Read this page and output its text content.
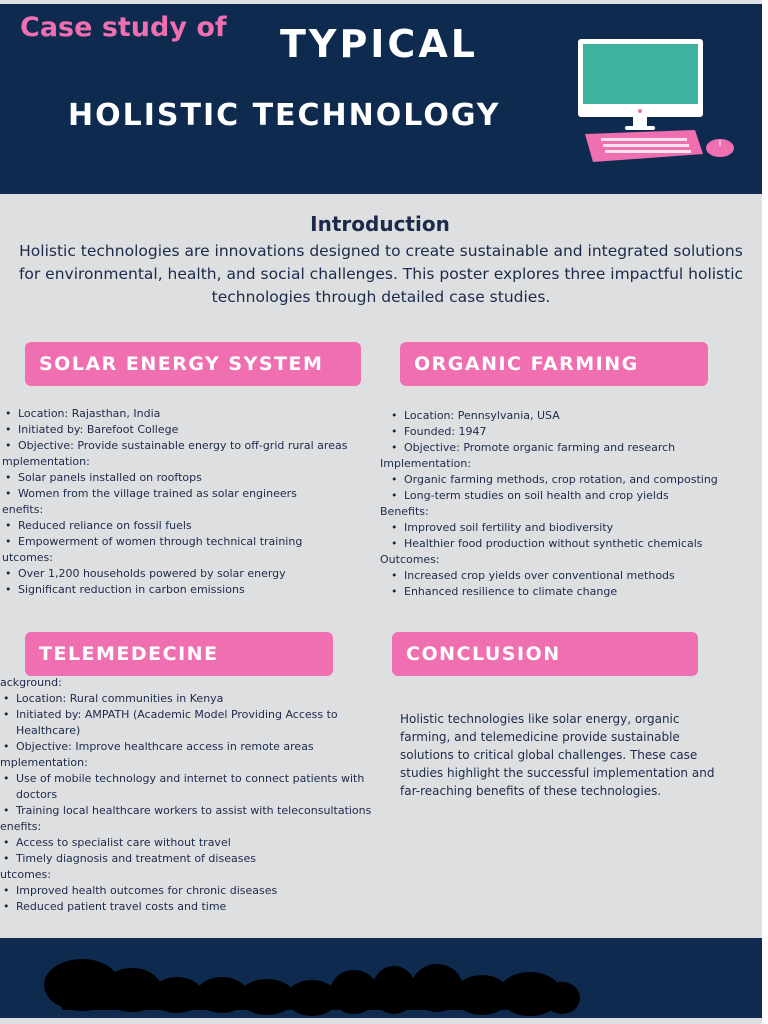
Case study of TYPICAL
HOLISTIC TECHNOLOGY
Introduction

Holistic technologies are innovations designed to create sustainable and integrated solutions for environmental, health, and social challenges. This poster explores three impactful holistic technologies through detailed case studies.

SOLAR ENERGY SYSTEM
• Location: Rajasthan, India
• Initiated by: Barefoot College
• Objective: Provide sustainable energy to off-grid rural areas

mplementation:

• Solar panels installed on rooftops
• Women from the village trained as solar engineers

enefits:

• Reduced reliance on fossil fuels
• Empowerment of women through technical training

utcomes:

• Over 1,200 households powered by solar energy
• Significant reduction in carbon emissions
ORGANIC FARMING
• Location: Pennsylvania, USA
• Founded: 1947
• Objective: Promote organic farming and research

Implementation:

• Organic farming methods, crop rotation, and composting
• Long-term studies on soil health and crop yields

Benefits:

• Improved soil fertility and biodiversity
• Healthier food production without synthetic chemicals

Outcomes:

• Increased crop yields over conventional methods
• Enhanced resilience to climate change
TELEMEDECINE

ackground:

• Location: Rural communities in Kenya
• Initiated by: AMPATH (Academic Model Providing Access to Healthcare)
• Objective: Improve healthcare access in remote areas

mplementation:

• Use of mobile technology and internet to connect patients with doctors
• Training local healthcare workers to assist with teleconsultations

enefits:

• Access to specialist care without travel
• Timely diagnosis and treatment of diseases

utcomes:

• Improved health outcomes for chronic diseases
• Reduced patient travel costs and time
CONCLUSION

Holistic technologies like solar energy, organic farming, and telemedicine provide sustainable solutions to critical global challenges. These case studies highlight the successful implementation and far-reaching benefits of these technologies.
